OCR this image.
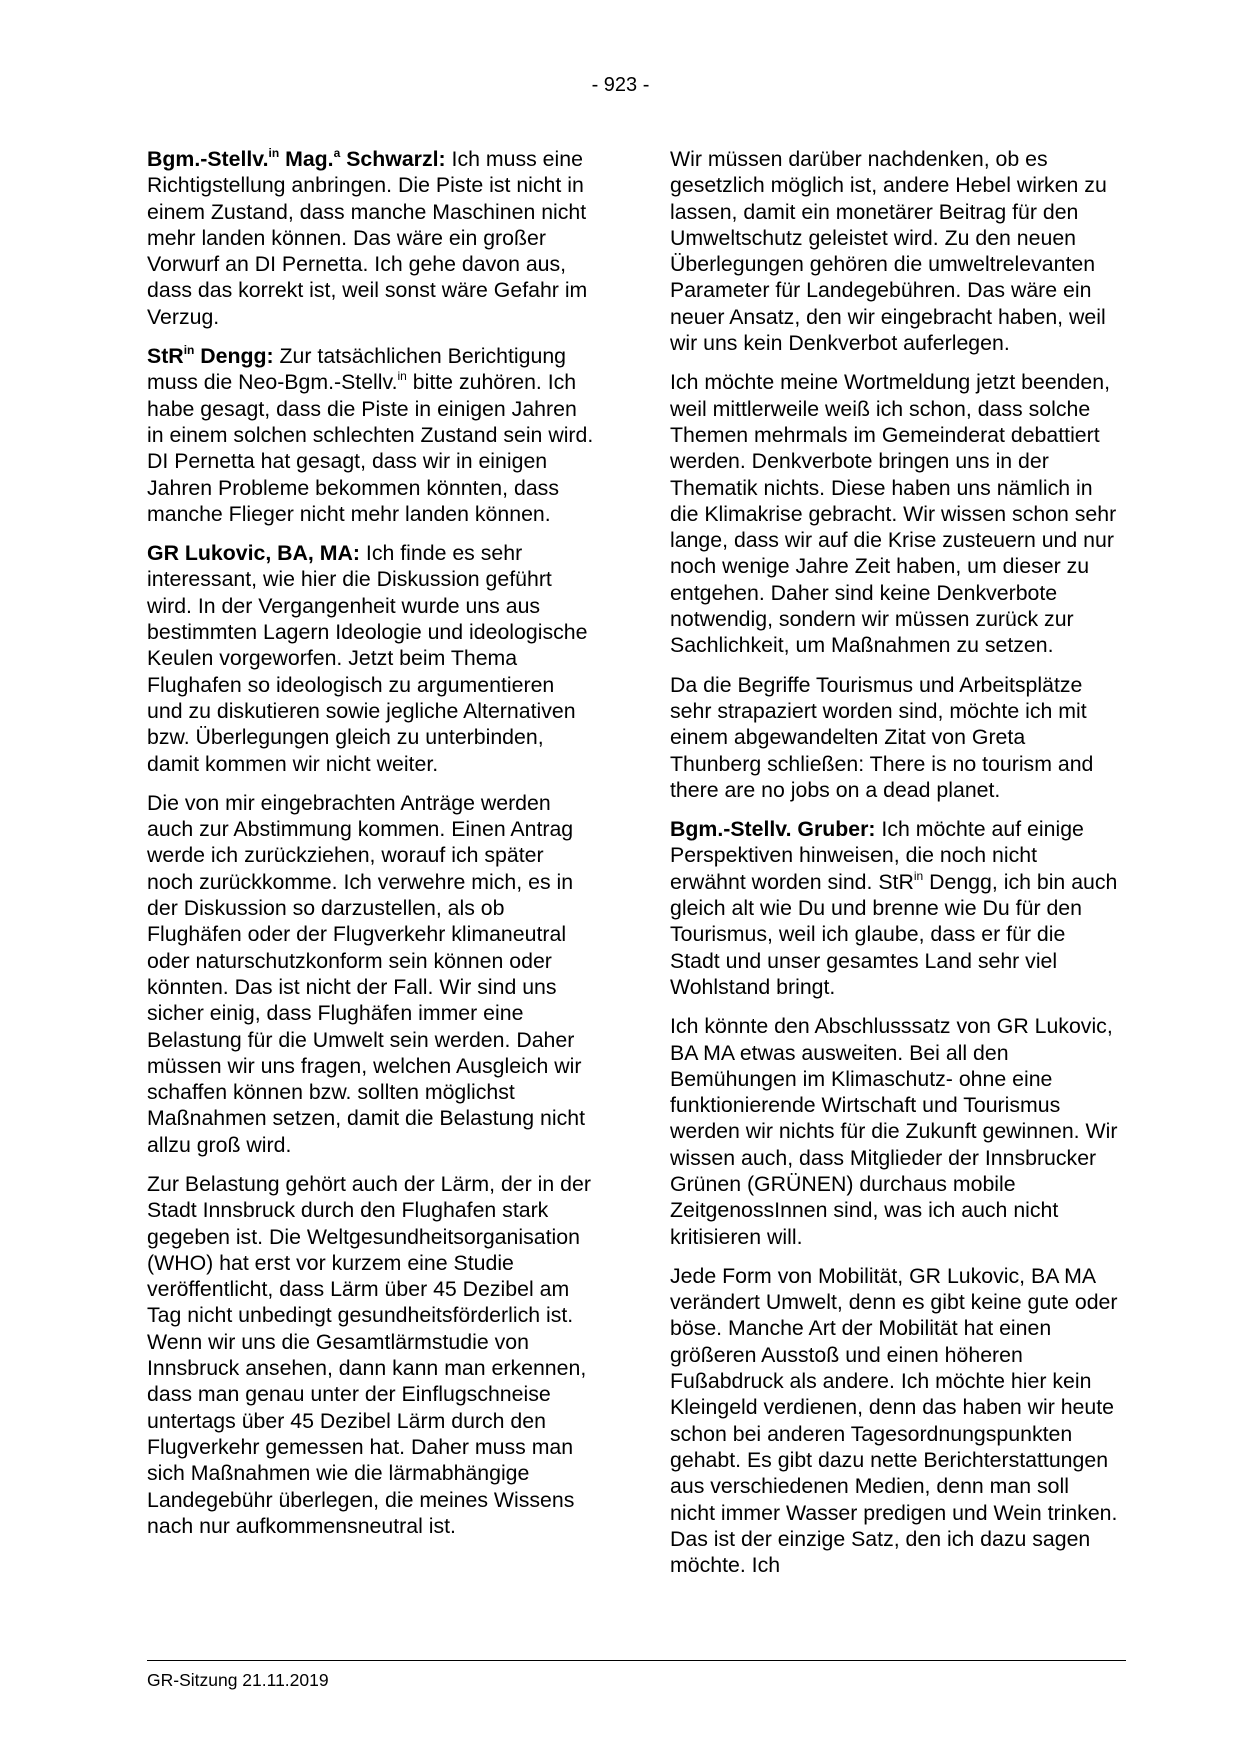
- 923 -

Bgm.-Stellv.$^{in}$ Mag.$^a$ Schwarzl: Ich muss eine Richtigstellung anbringen. Die Piste ist nicht in einem Zustand, dass manche Maschinen nicht mehr landen können. Das wäre ein großer Vorwurf an DI Pernetta. Ich gehe davon aus, dass das korrekt ist, weil sonst wäre Gefahr im Verzug.

StR$^{in}$ Dengg: Zur tatsächlichen Berichtigung muss die Neo-Bgm.-Stellv.$^{in}$ bitte zuhören. Ich habe gesagt, dass die Piste in einigen Jahren in einem solchen schlechten Zustand sein wird. DI Pernetta hat gesagt, dass wir in einigen Jahren Probleme bekommen könnten, dass manche Flieger nicht mehr landen können.

GR Lukovic, BA, MA: Ich finde es sehr interessant, wie hier die Diskussion geführt wird. In der Vergangenheit wurde uns aus bestimmten Lagern Ideologie und ideologische Keulen vorgeworfen. Jetzt beim Thema Flughafen so ideologisch zu argumentieren und zu diskutieren sowie jegliche Alternativen bzw. Überlegungen gleich zu unterbinden, damit kommen wir nicht weiter.

Die von mir eingebrachten Anträge werden auch zur Abstimmung kommen. Einen Antrag werde ich zurückziehen, worauf ich später noch zurückkomme. Ich verwehre mich, es in der Diskussion so darzustellen, als ob Flughäfen oder der Flugverkehr klimaneutral oder naturschutzkonform sein können oder könnten. Das ist nicht der Fall. Wir sind uns sicher einig, dass Flughäfen immer eine Belastung für die Umwelt sein werden. Daher müssen wir uns fragen, welchen Ausgleich wir schaffen können bzw. sollten möglichst Maßnahmen setzen, damit die Belastung nicht allzu groß wird.

Zur Belastung gehört auch der Lärm, der in der Stadt Innsbruck durch den Flughafen stark gegeben ist. Die Weltgesundheitsorganisation (WHO) hat erst vor kurzem eine Studie veröffentlicht, dass Lärm über 45 Dezibel am Tag nicht unbedingt gesundheitsförderlich ist. Wenn wir uns die Gesamtlärmstudie von Innsbruck ansehen, dann kann man erkennen, dass man genau unter der Einflugschneise untertags über 45 Dezibel Lärm durch den Flugverkehr gemessen hat. Daher muss man sich Maßnahmen wie die lärmabhängige Landegebühr überlegen, die meines Wissens nach nur aufkommensneutral ist.

Wir müssen darüber nachdenken, ob es gesetzlich möglich ist, andere Hebel wirken zu lassen, damit ein monetärer Beitrag für den Umweltschutz geleistet wird. Zu den neuen Überlegungen gehören die umweltrelevanten Parameter für Landegebühren. Das wäre ein neuer Ansatz, den wir eingebracht haben, weil wir uns kein Denkverbot auferlegen.

Ich möchte meine Wortmeldung jetzt beenden, weil mittlerweile weiß ich schon, dass solche Themen mehrmals im Gemeinderat debattiert werden. Denkverbote bringen uns in der Thematik nichts. Diese haben uns nämlich in die Klimakrise gebracht. Wir wissen schon sehr lange, dass wir auf die Krise zusteuern und nur noch wenige Jahre Zeit haben, um dieser zu entgehen. Daher sind keine Denkverbote notwendig, sondern wir müssen zurück zur Sachlichkeit, um Maßnahmen zu setzen.

Da die Begriffe Tourismus und Arbeitsplätze sehr strapaziert worden sind, möchte ich mit einem abgewandelten Zitat von Greta Thunberg schließen: There is no tourism and there are no jobs on a dead planet.

Bgm.-Stellv. Gruber: Ich möchte auf einige Perspektiven hinweisen, die noch nicht erwähnt worden sind. StR$^{in}$ Dengg, ich bin auch gleich alt wie Du und brenne wie Du für den Tourismus, weil ich glaube, dass er für die Stadt und unser gesamtes Land sehr viel Wohlstand bringt.

Ich könnte den Abschlusssatz von GR Lukovic, BA MA etwas ausweiten. Bei all den Bemühungen im Klimaschutz- ohne eine funktionierende Wirtschaft und Tourismus werden wir nichts für die Zukunft gewinnen. Wir wissen auch, dass Mitglieder der Innsbrucker Grünen (GRÜNEN) durchaus mobile ZeitgenossInnen sind, was ich auch nicht kritisieren will.

Jede Form von Mobilität, GR Lukovic, BA MA verändert Umwelt, denn es gibt keine gute oder böse. Manche Art der Mobilität hat einen größeren Ausstoß und einen höheren Fußabdruck als andere. Ich möchte hier kein Kleingeld verdienen, denn das haben wir heute schon bei anderen Tagesordnungspunkten gehabt. Es gibt dazu nette Berichterstattungen aus verschiedenen Medien, denn man soll nicht immer Wasser predigen und Wein trinken. Das ist der einzige Satz, den ich dazu sagen möchte. Ich

GR-Sitzung 21.11.2019
